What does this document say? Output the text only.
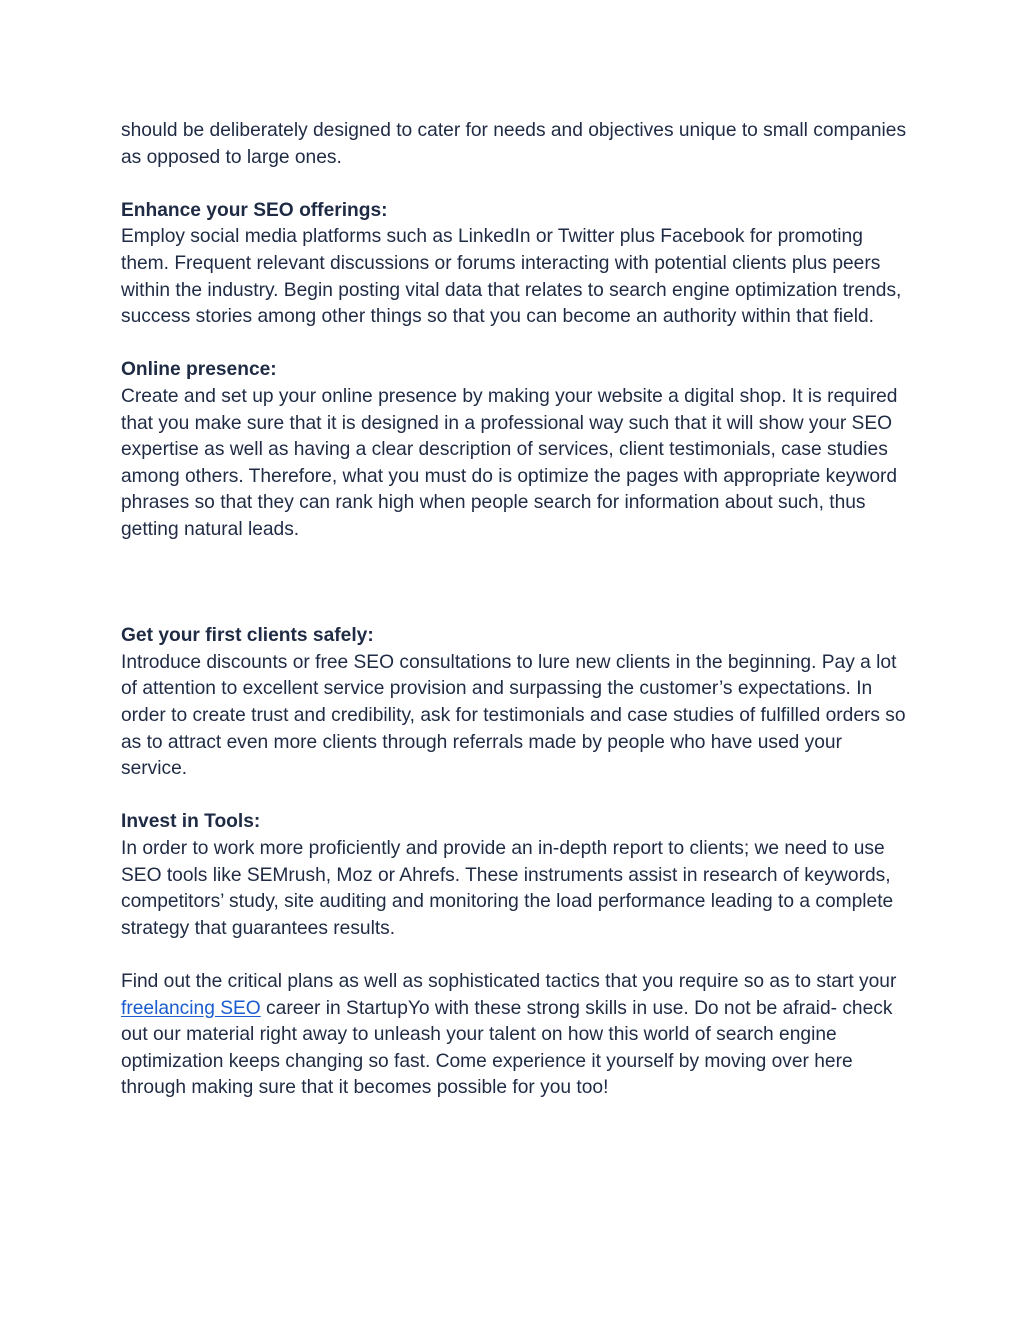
should be deliberately designed to cater for needs and objectives unique to small companies as opposed to large ones.

Enhance your SEO offerings:

Employ social media platforms such as LinkedIn or Twitter plus Facebook for promoting them. Frequent relevant discussions or forums interacting with potential clients plus peers within the industry. Begin posting vital data that relates to search engine optimization trends, success stories among other things so that you can become an authority within that field.

Online presence:

Create and set up your online presence by making your website a digital shop. It is required that you make sure that it is designed in a professional way such that it will show your SEO expertise as well as having a clear description of services, client testimonials, case studies among others. Therefore, what you must do is optimize the pages with appropriate keyword phrases so that they can rank high when people search for information about such, thus getting natural leads.

Get your first clients safely:

Introduce discounts or free SEO consultations to lure new clients in the beginning. Pay a lot of attention to excellent service provision and surpassing the customer’s expectations. In order to create trust and credibility, ask for testimonials and case studies of fulfilled orders so as to attract even more clients through referrals made by people who have used your service.

Invest in Tools:

In order to work more proficiently and provide an in-depth report to clients; we need to use SEO tools like SEMrush, Moz or Ahrefs. These instruments assist in research of keywords, competitors’ study, site auditing and monitoring the load performance leading to a complete strategy that guarantees results.

Find out the critical plans as well as sophisticated tactics that you require so as to start your freelancing SEO career in StartupYo with these strong skills in use. Do not be afraid- check out our material right away to unleash your talent on how this world of search engine optimization keeps changing so fast. Come experience it yourself by moving over here through making sure that it becomes possible for you too!
